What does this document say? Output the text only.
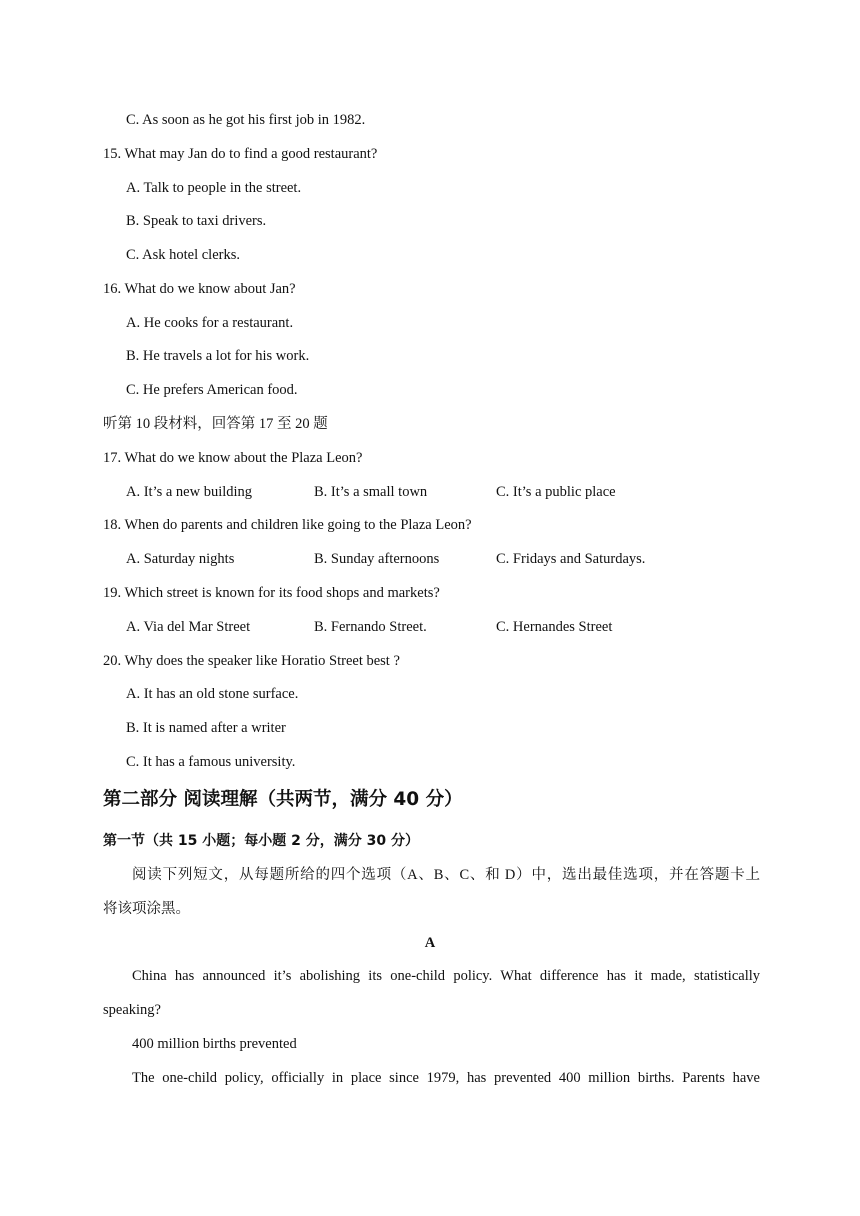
C. As soon as he got his first job in 1982.
15. What may Jan do to find a good restaurant?
A. Talk to people in the street.
B. Speak to taxi drivers.
C. Ask hotel clerks.
16. What do we know about Jan?
A. He cooks for a restaurant.
B. He travels a lot for his work.
C. He prefers American food.
听第 10 段材料，回答第 17 至 20 题
17. What do we know about the Plaza Leon?
A. It’s a new building	B. It’s a small town	C. It’s a public place
18. When do parents and children like going to the Plaza Leon?
A. Saturday nights	B. Sunday afternoons	C. Fridays and Saturdays.
19. Which street is known for its food shops and markets?
A. Via del Mar Street	B. Fernando Street.	C. Hernandes Street
20. Why does the speaker like Horatio Street best ?
A. It has an old stone surface.
B. It is named after a writer
C. It has a famous university.
第二部分 阅读理解（共两节，满分 40 分）
第一节（共 15 小题；每小题 2 分，满分 30 分）
阅读下列短文，从每题所给的四个选项（A、B、C、和 D）中，选出最佳选项，并在答题卡上
将该项涂黑。
A
China has announced it’s abolishing its one-child policy. What difference has it made, statistically
speaking?
400 million births prevented
The one-child policy, officially in place since 1979, has prevented 400 million births. Parents have
